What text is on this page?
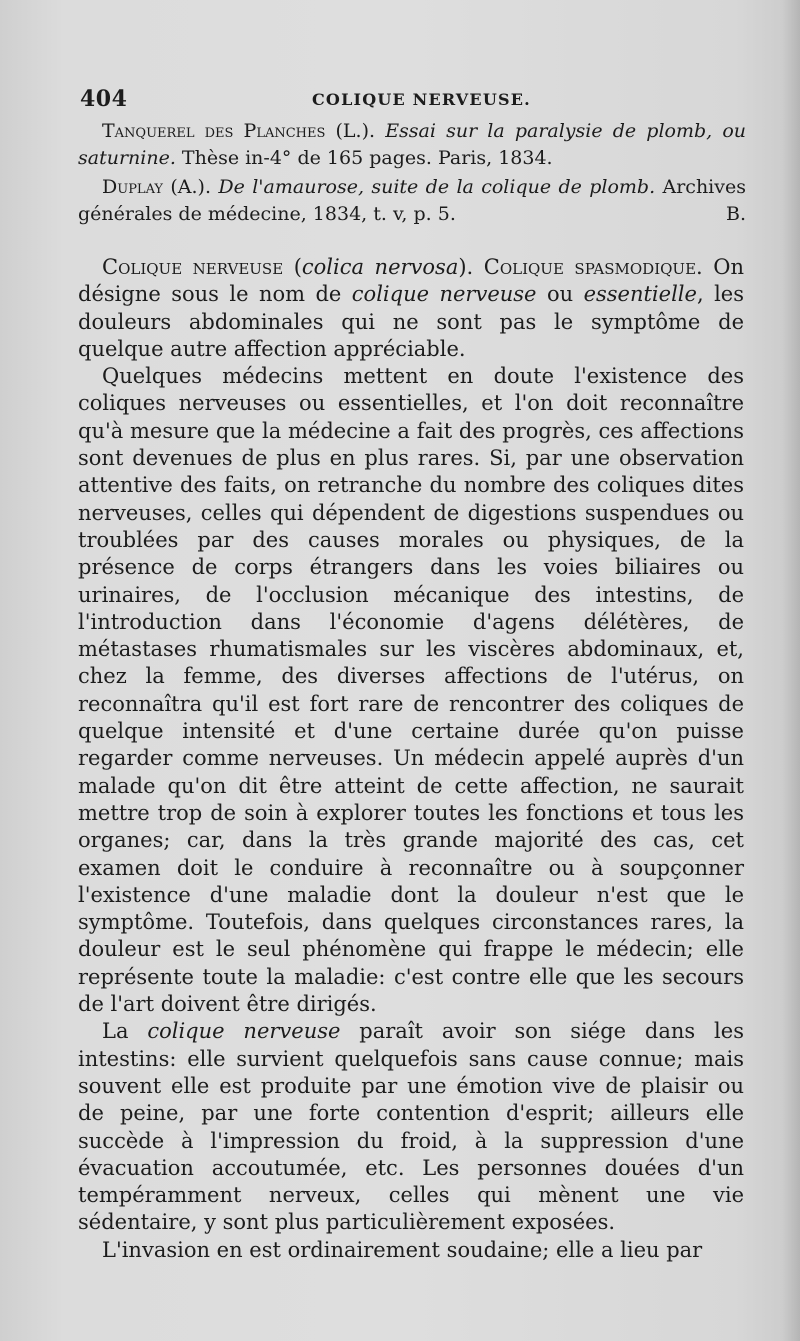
404	COLIQUE NERVEUSE.

Tanquerel des Planches (L.). Essai sur la paralysie de plomb, ou saturnine. Thèse in-4° de 165 pages. Paris, 1834.

Duplay (A.). De l'amaurose, suite de la colique de plomb. Archives générales de médecine, 1834, t. v, p. 5.	B.

Colique nerveuse (colica nervosa). Colique spasmodique. On désigne sous le nom de colique nerveuse ou essentielle, les douleurs abdominales qui ne sont pas le symptôme de quelque autre affection appréciable.

Quelques médecins mettent en doute l'existence des coliques nerveuses ou essentielles, et l'on doit reconnaître qu'à mesure que la médecine a fait des progrès, ces affections sont devenues de plus en plus rares. Si, par une observation attentive des faits, on retranche du nombre des coliques dites nerveuses, celles qui dépendent de digestions suspendues ou troublées par des causes morales ou physiques, de la présence de corps étrangers dans les voies biliaires ou urinaires, de l'occlusion mécanique des intestins, de l'introduction dans l'économie d'agens délétères, de métastases rhumatismales sur les viscères abdominaux, et, chez la femme, des diverses affections de l'utérus, on reconnaîtra qu'il est fort rare de rencontrer des coliques de quelque intensité et d'une certaine durée qu'on puisse regarder comme nerveuses. Un médecin appelé auprès d'un malade qu'on dit être atteint de cette affection, ne saurait mettre trop de soin à explorer toutes les fonctions et tous les organes; car, dans la très grande majorité des cas, cet examen doit le conduire à reconnaître ou à soupçonner l'existence d'une maladie dont la douleur n'est que le symptôme. Toutefois, dans quelques circonstances rares, la douleur est le seul phénomène qui frappe le médecin; elle représente toute la maladie: c'est contre elle que les secours de l'art doivent être dirigés.

La colique nerveuse paraît avoir son siége dans les intestins: elle survient quelquefois sans cause connue; mais souvent elle est produite par une émotion vive de plaisir ou de peine, par une forte contention d'esprit; ailleurs elle succède à l'impression du froid, à la suppression d'une évacuation accoutumée, etc. Les personnes douées d'un tempéramment nerveux, celles qui mènent une vie sédentaire, y sont plus particulièrement exposées.

L'invasion en est ordinairement soudaine; elle a lieu par
